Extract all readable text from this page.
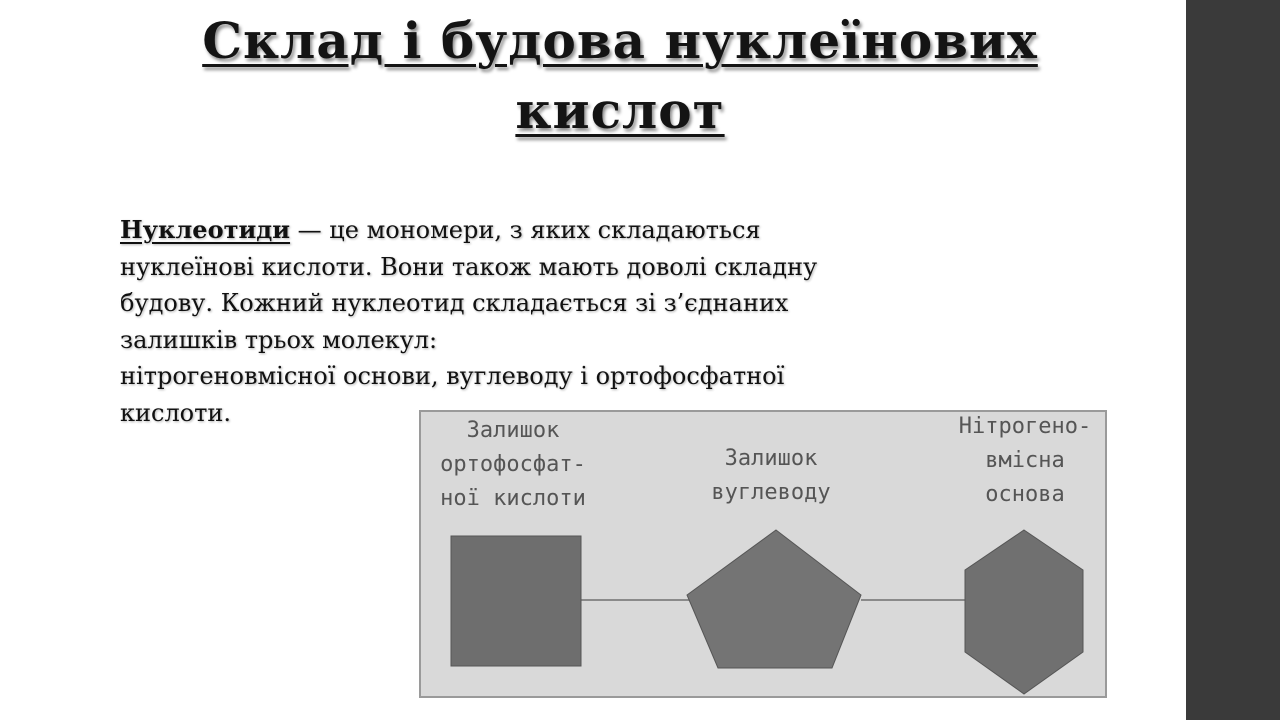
Склад і будова нуклеїнових
кислот
Нуклеотиди — це мономери, з яких складаються
нуклеїнові кислоти. Вони також мають доволі складну
будову. Кожний нуклеотид складається зі з’єднаних
залишків трьох молекул:
нітрогеновмісної основи, вуглеводу і ортофосфатної
кислоти.
Залишок
ортофосфат-
ної кислоти
Залишок
вуглеводу
Нітрогено-
вмісна
основа
